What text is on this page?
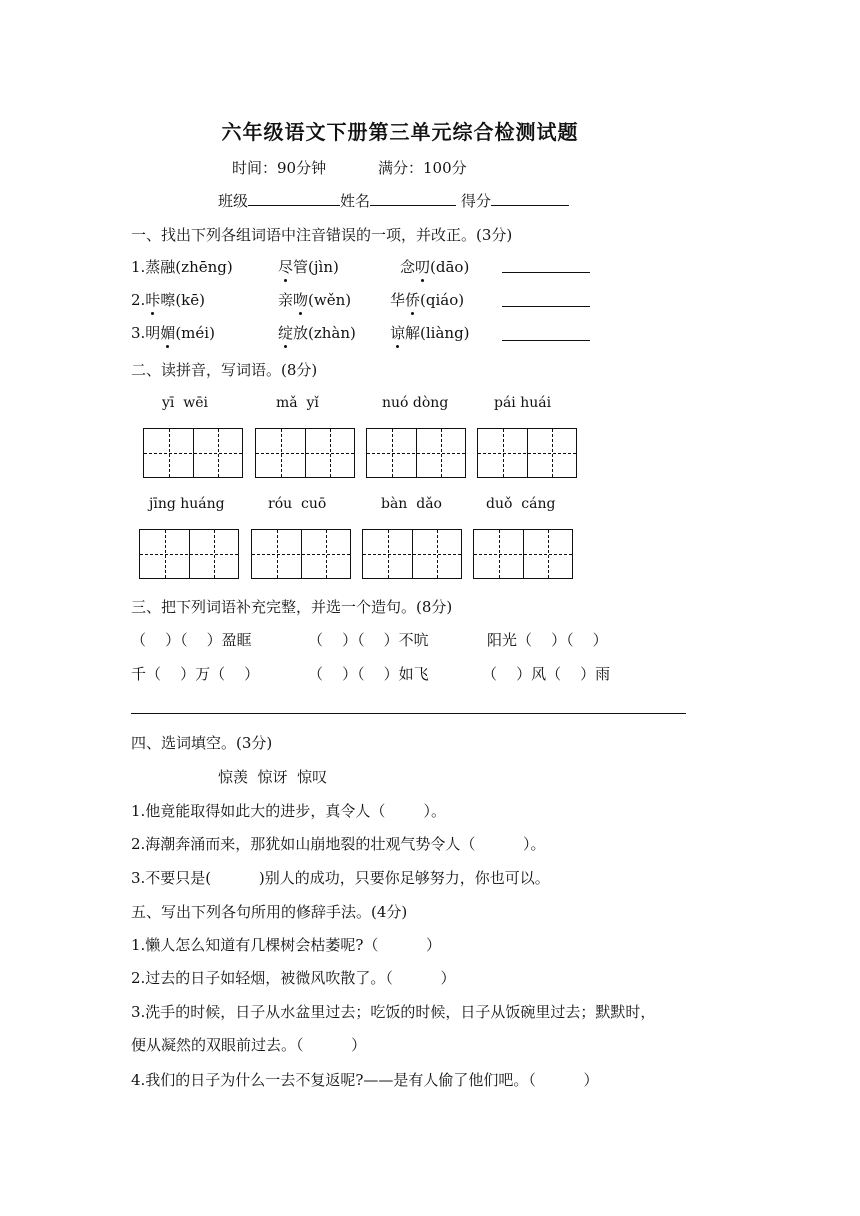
六年级语文下册第三单元综合检测试题
时间：90分钟	满分：100分
班级	姓名	得分
一、找出下列各组词语中注音错误的一项，并改正。(3分)
1.蒸融(zhēng)	尽管(jìn)	念叨(dāo)
2.咔嚓(kē)	亲吻(wěn)	华侨(qiáo)
3.明媚(méi)	绽放(zhàn) 谅解(liàng)
二、读拼音，写词语。(8分)
yī  wēi	mǎ  yǐ	nuó dòng	pái huái
jīng huáng	róu  cuō	bàn  dǎo	duǒ  cáng
三、把下列词语补充完整，并选一个造句。(8分)
（    ）（    ）盈眶	（    ）（    ）不吭	阳光（    ）（    ）
千（    ）万（    ）	（    ）（    ）如飞	（    ）风（    ）雨
四、选词填空。(3分)
惊羡  惊讶  惊叹
1.他竟能取得如此大的进步，真令人（        ）。
2.海潮奔涌而来，那犹如山崩地裂的壮观气势令人（          ）。
3.不要只是(          )别人的成功，只要你足够努力，你也可以。
五、写出下列各句所用的修辞手法。(4分)
1.懒人怎么知道有几棵树会枯萎呢?（          ）
2.过去的日子如轻烟，被微风吹散了。（          ）
3.洗手的时候，日子从水盆里过去；吃饭的时候，日子从饭碗里过去；默默时，
便从凝然的双眼前过去。（          ）
4.我们的日子为什么一去不复返呢?——是有人偷了他们吧。（          ）
